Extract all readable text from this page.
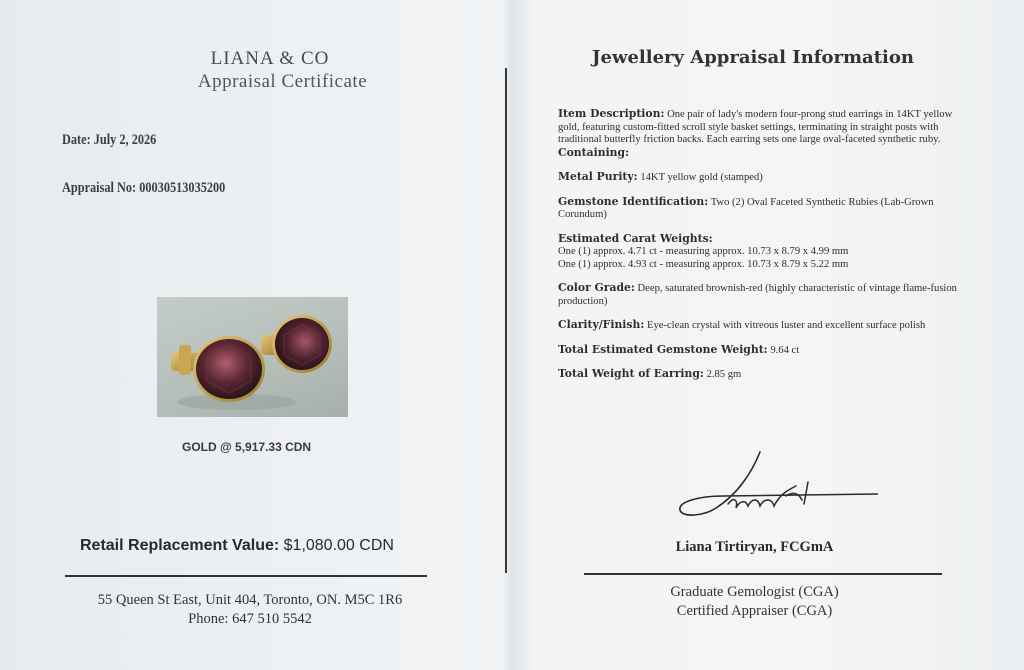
LIANA & CO
Appraisal Certificate
Date: July 2, 2026
Appraisal No: 00030513035200
GOLD @ 5,917.33 CDN
Retail Replacement Value: $1,080.00 CDN
55 Queen St East, Unit 404, Toronto, ON. M5C 1R6
Phone: 647 510 5542
Jewellery Appraisal Information

Item Description: One pair of lady's modern four-prong stud earrings in 14KT yellow gold, featuring custom-fitted scroll style basket settings, terminating in straight posts with traditional butterfly friction backs. Each earring sets one large oval-faceted synthetic ruby.

Containing:

Metal Purity: 14KT yellow gold (stamped)

Gemstone Identification: Two (2) Oval Faceted Synthetic Rubies (Lab-Grown Corundum)

Estimated Carat Weights:
One (1) approx. 4.71 ct - measuring approx. 10.73 x 8.79 x 4.99 mm
One (1) approx. 4.93 ct - measuring approx. 10.73 x 8.79 x 5.22 mm

Color Grade: Deep, saturated brownish-red (highly characteristic of vintage flame-fusion production)

Clarity/Finish: Eye-clean crystal with vitreous luster and excellent surface polish

Total Estimated Gemstone Weight: 9.64 ct

Total Weight of Earring: 2.85 gm

Liana Tirtiryan, FCGmA
Graduate Gemologist (CGA)
Certified Appraiser (CGA)
